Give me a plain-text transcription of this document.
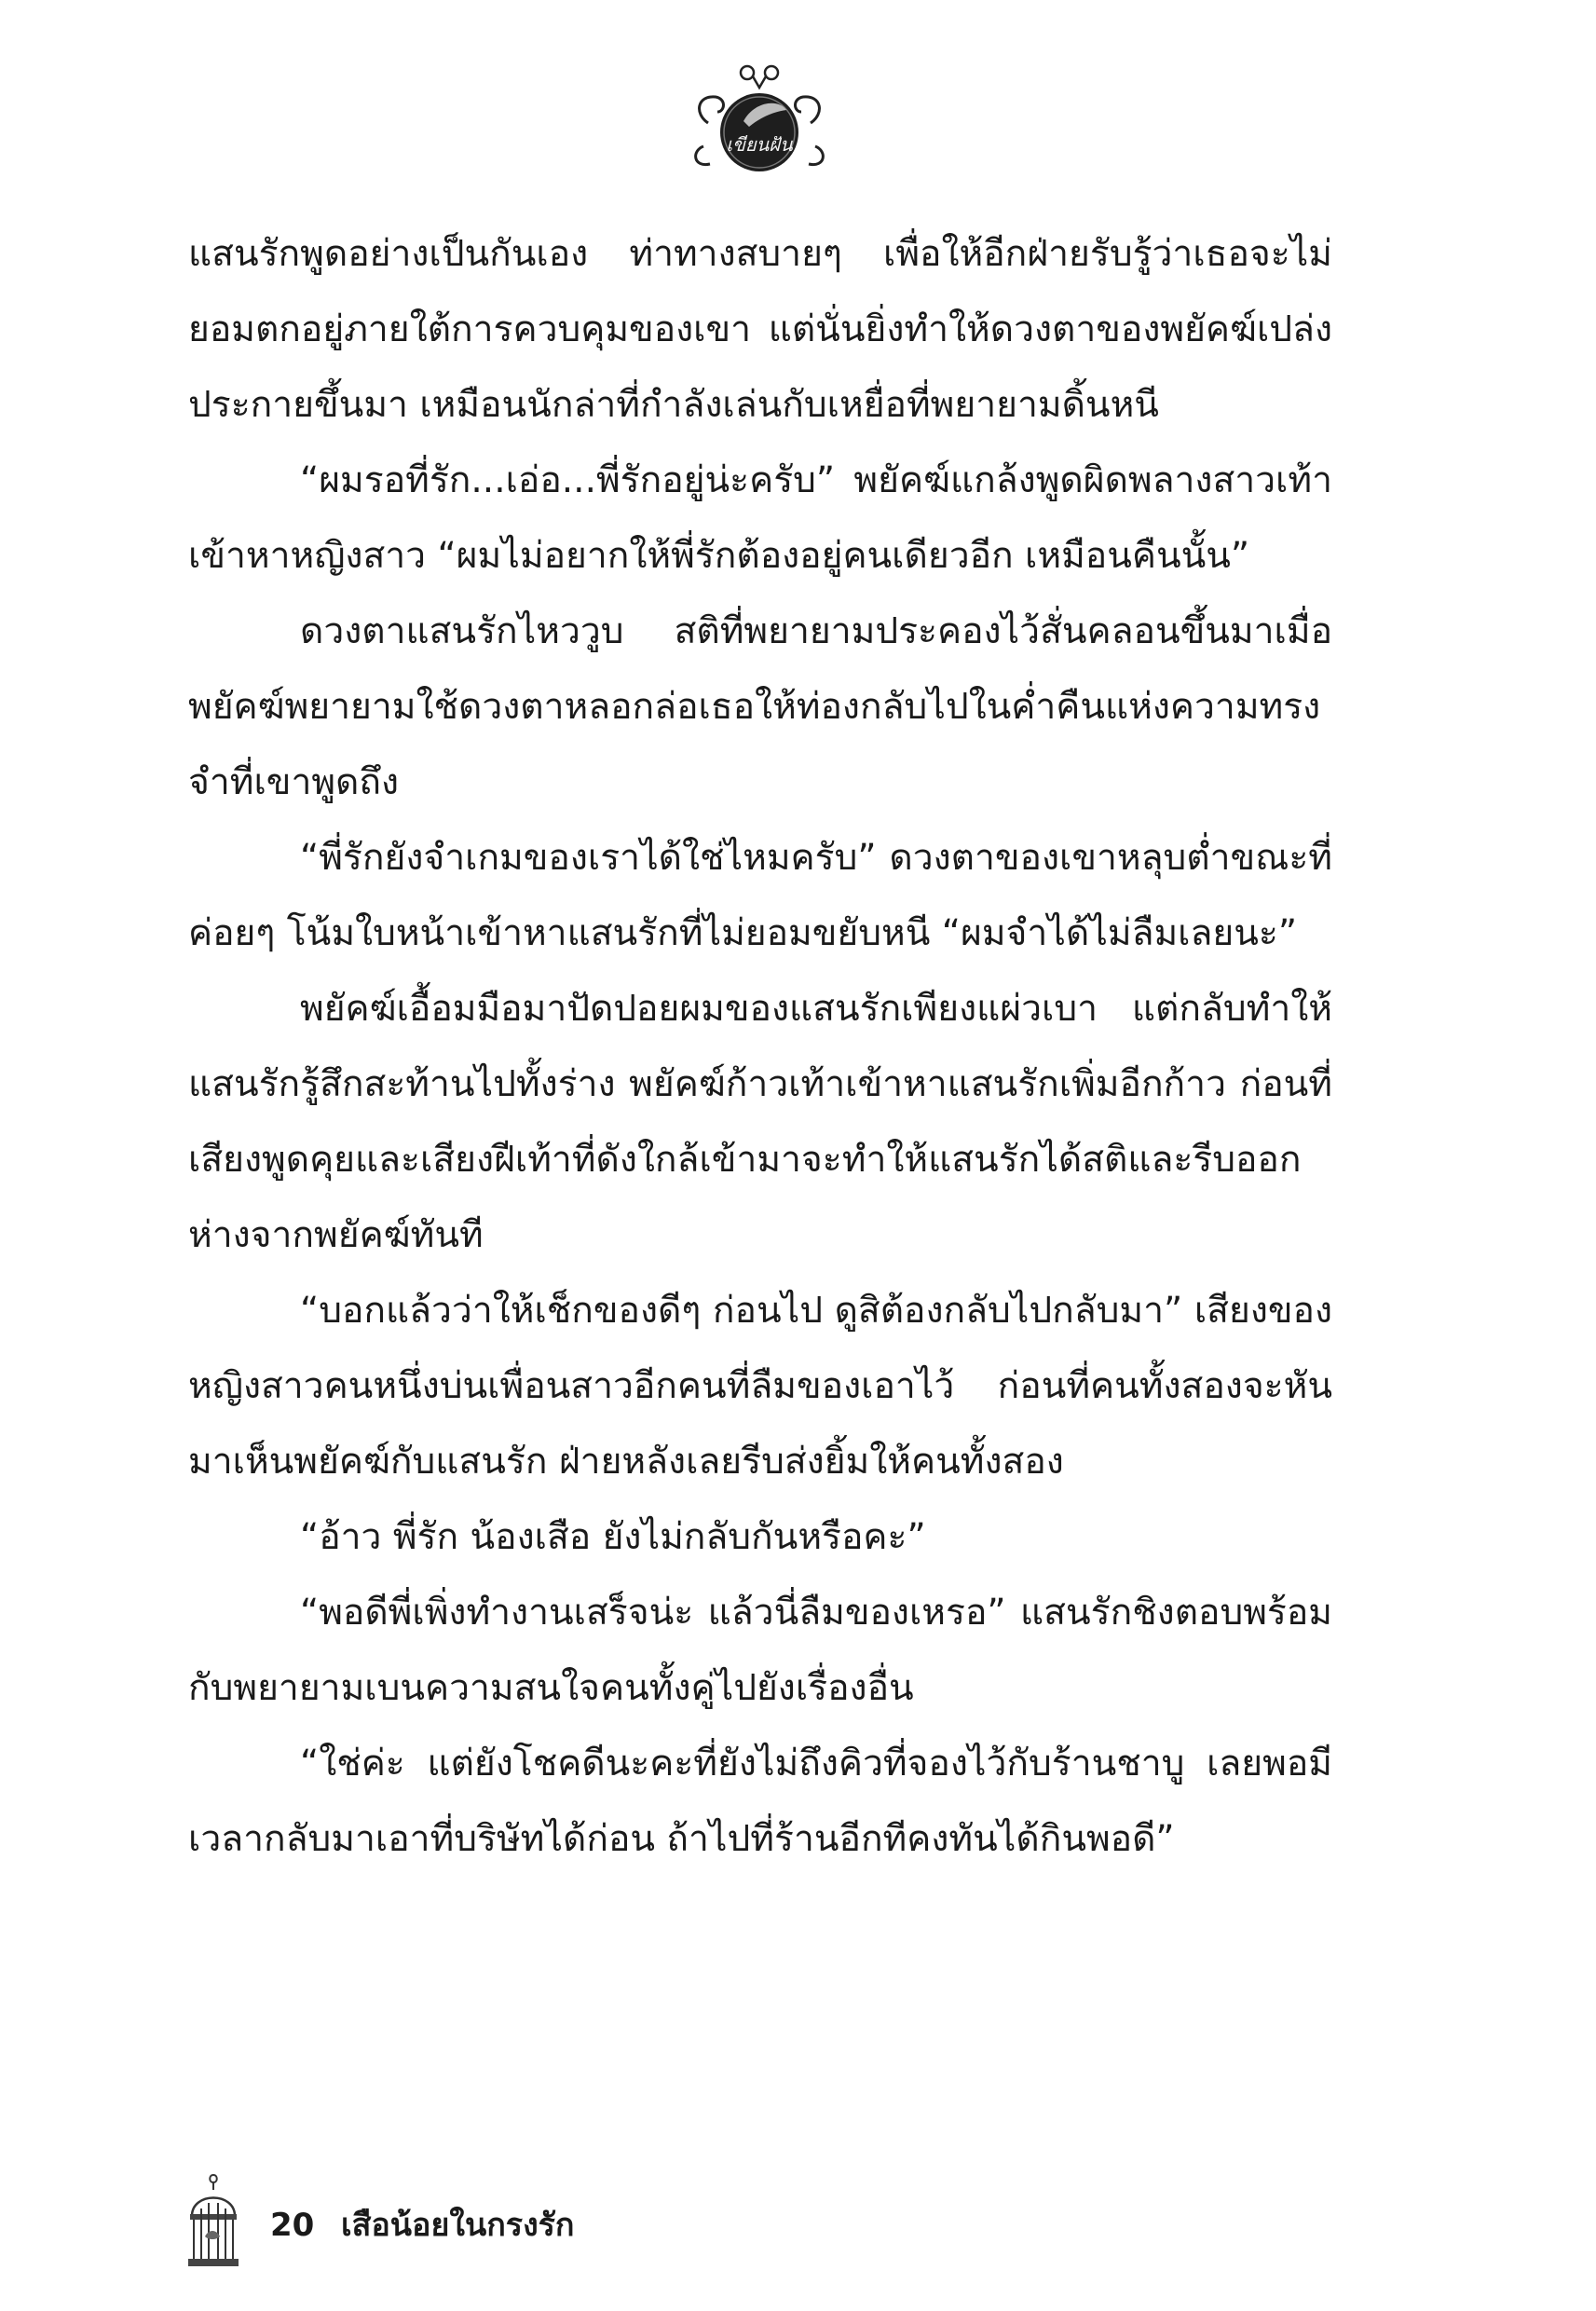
เขียนฝัน

แสนรักพูดอย่างเป็นกันเอง ท่าทางสบายๆ เพื่อให้อีกฝ่ายรับรู้ว่าเธอจะไม่ยอมตกอยู่ภายใต้การควบคุมของเขา แต่นั่นยิ่งทำให้ดวงตาของพยัคฆ์เปล่งประกายขึ้นมา เหมือนนักล่าที่กำลังเล่นกับเหยื่อที่พยายามดิ้นหนี

“ผมรอที่รัก...เอ่อ...พี่รักอยู่น่ะครับ” พยัคฆ์แกล้งพูดผิดพลางสาวเท้าเข้าหาหญิงสาว “ผมไม่อยากให้พี่รักต้องอยู่คนเดียวอีก เหมือนคืนนั้น”

ดวงตาแสนรักไหววูบ สติที่พยายามประคองไว้สั่นคลอนขึ้นมาเมื่อพยัคฆ์พยายามใช้ดวงตาหลอกล่อเธอให้ท่องกลับไปในค่ำคืนแห่งความทรงจำที่เขาพูดถึง

“พี่รักยังจำเกมของเราได้ใช่ไหมครับ” ดวงตาของเขาหลุบต่ำขณะที่ค่อยๆ โน้มใบหน้าเข้าหาแสนรักที่ไม่ยอมขยับหนี “ผมจำได้ไม่ลืมเลยนะ”

พยัคฆ์เอื้อมมือมาปัดปอยผมของแสนรักเพียงแผ่วเบา แต่กลับทำให้แสนรักรู้สึกสะท้านไปทั้งร่าง พยัคฆ์ก้าวเท้าเข้าหาแสนรักเพิ่มอีกก้าว ก่อนที่เสียงพูดคุยและเสียงฝีเท้าที่ดังใกล้เข้ามาจะทำให้แสนรักได้สติและรีบออกห่างจากพยัคฆ์ทันที

“บอกแล้วว่าให้เช็กของดีๆ ก่อนไป ดูสิต้องกลับไปกลับมา” เสียงของหญิงสาวคนหนึ่งบ่นเพื่อนสาวอีกคนที่ลืมของเอาไว้ ก่อนที่คนทั้งสองจะหันมาเห็นพยัคฆ์กับแสนรัก ฝ่ายหลังเลยรีบส่งยิ้มให้คนทั้งสอง

“อ้าว พี่รัก น้องเสือ ยังไม่กลับกันหรือคะ”

“พอดีพี่เพิ่งทำงานเสร็จน่ะ แล้วนี่ลืมของเหรอ” แสนรักชิงตอบพร้อมกับพยายามเบนความสนใจคนทั้งคู่ไปยังเรื่องอื่น

“ใช่ค่ะ แต่ยังโชคดีนะคะที่ยังไม่ถึงคิวที่จองไว้กับร้านชาบู เลยพอมีเวลากลับมาเอาที่บริษัทได้ก่อน ถ้าไปที่ร้านอีกทีคงทันได้กินพอดี”

20 เสือน้อยในกรงรัก
